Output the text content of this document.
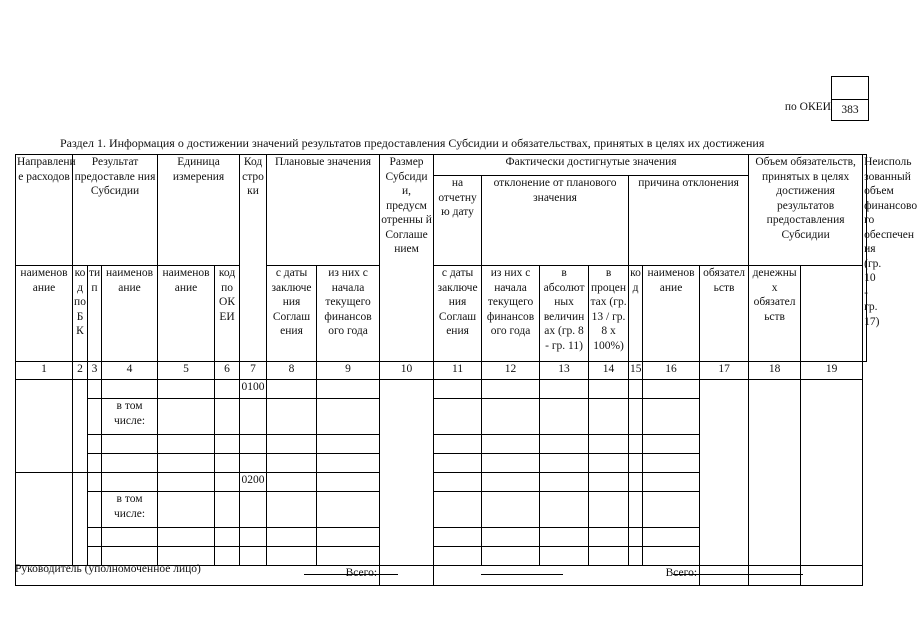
по ОКЕИ 383
Раздел 1. Информация о достижении значений результатов предоставления Субсидии и обязательствах, принятых в целях их достижения
Направлени е расходов	Результат предоставле ния Субсидии			Единица измерения		Код стро ки	Плановые значения		Размер Субсиди и, предусм отренны й Соглаше нием	Фактически достигнутые значения							Объем обязательств, принятых в целях достижения результатов предоставления Субсидии		Неисполь зованный объем финансово го обеспечен ия (гр. 10 - гр. 17)
										на отчетну ю дату	отклонение от планового значения			причина отклонения					
наименов ание	ко д по Б К	ти п	наименов ание	наименов ание	код по ОК ЕИ		с даты заключе ния Соглаш ения	из них с начала текущего финансов ого года		с даты заключе ния Соглаш ения	из них с начала текущего финансов ого года	в абсолют ных величин ах (гр. 8 - гр. 11)	в процен тах (гр. 13 / гр. 8 x 100%)	ко д	наименов ание	обязател ьств	денежны х обязател ьств		
1	2	3	4	5	6	7	8	9	10	11	12	13	14	15	16	17	18	19	
						0100													
			в том числе:																

						0200													
			в том числе:																

Всего:										Всего:									
Руководитель (уполномоченное лицо)
